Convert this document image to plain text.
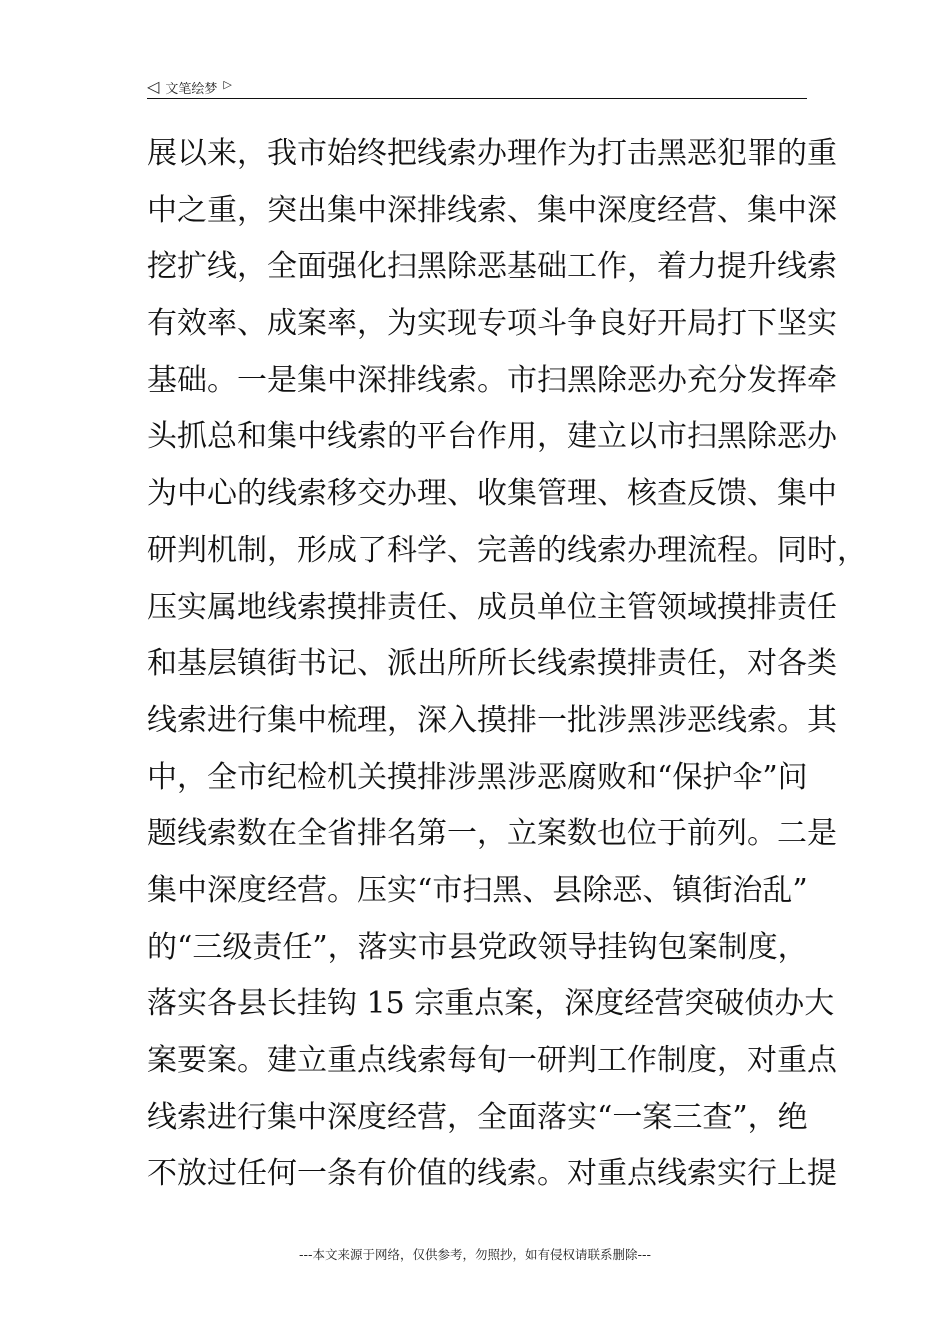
◁ 文笔绘梦 ▷
展以来，我市始终把线索办理作为打击黑恶犯罪的重
中之重，突出集中深排线索、集中深度经营、集中深
挖扩线，全面强化扫黑除恶基础工作，着力提升线索
有效率、成案率，为实现专项斗争良好开局打下坚实
基础。一是集中深排线索。市扫黑除恶办充分发挥牵
头抓总和集中线索的平台作用，建立以市扫黑除恶办
为中心的线索移交办理、收集管理、核查反馈、集中
研判机制，形成了科学、完善的线索办理流程。同时，
压实属地线索摸排责任、成员单位主管领域摸排责任
和基层镇街书记、派出所所长线索摸排责任，对各类
线索进行集中梳理，深入摸排一批涉黑涉恶线索。其
中，全市纪检机关摸排涉黑涉恶腐败和“保护伞”问
题线索数在全省排名第一，立案数也位于前列。二是
集中深度经营。压实“市扫黑、县除恶、镇街治乱”
的“三级责任”，落实市县党政领导挂钩包案制度，
落实各县长挂钩 15 宗重点案，深度经营突破侦办大
案要案。建立重点线索每旬一研判工作制度，对重点
线索进行集中深度经营，全面落实“一案三查”，绝
不放过任何一条有价值的线索。对重点线索实行上提
---本文来源于网络，仅供参考，勿照抄，如有侵权请联系删除---
